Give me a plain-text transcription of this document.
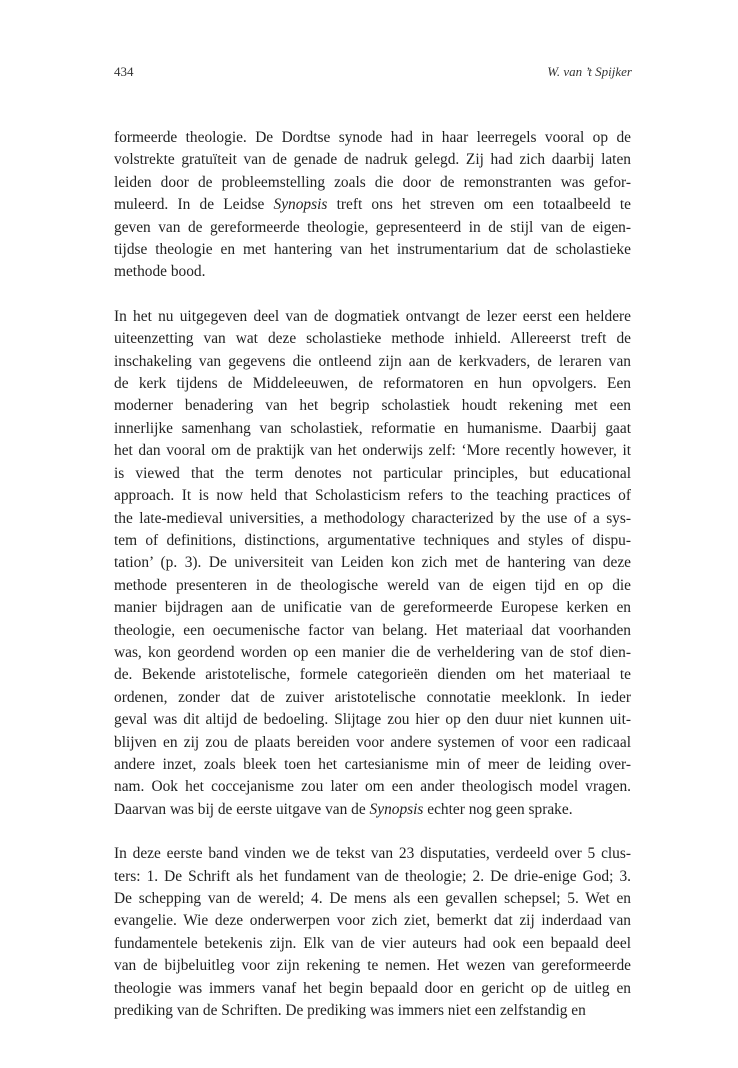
434	W. van ’t Spijker
formeerde theologie. De Dordtse synode had in haar leerregels vooral op de
volstrekte gratuïteit van de genade de nadruk gelegd. Zij had zich daarbij laten
leiden door de probleemstelling zoals die door de remonstranten was gefor-
muleerd. In de Leidse Synopsis treft ons het streven om een totaalbeeld te
geven van de gereformeerde theologie, gepresenteerd in de stijl van de eigen-
tijdse theologie en met hantering van het instrumentarium dat de scholastieke
methode bood.
In het nu uitgegeven deel van de dogmatiek ontvangt de lezer eerst een heldere
uiteenzetting van wat deze scholastieke methode inhield. Allereerst treft de
inschakeling van gegevens die ontleend zijn aan de kerkvaders, de leraren van
de kerk tijdens de Middeleeuwen, de reformatoren en hun opvolgers. Een
moderner benadering van het begrip scholastiek houdt rekening met een
innerlijke samenhang van scholastiek, reformatie en humanisme. Daarbij gaat
het dan vooral om de praktijk van het onderwijs zelf: ‘More recently however, it
is viewed that the term denotes not particular principles, but educational
approach. It is now held that Scholasticism refers to the teaching practices of
the late-medieval universities, a methodology characterized by the use of a sys-
tem of definitions, distinctions, argumentative techniques and styles of dispu-
tation’ (p. 3). De universiteit van Leiden kon zich met de hantering van deze
methode presenteren in de theologische wereld van de eigen tijd en op die
manier bijdragen aan de unificatie van de gereformeerde Europese kerken en
theologie, een oecumenische factor van belang. Het materiaal dat voorhanden
was, kon geordend worden op een manier die de verheldering van de stof dien-
de. Bekende aristotelische, formele categorieën dienden om het materiaal te
ordenen, zonder dat de zuiver aristotelische connotatie meeklonk. In ieder
geval was dit altijd de bedoeling. Slijtage zou hier op den duur niet kunnen uit-
blijven en zij zou de plaats bereiden voor andere systemen of voor een radicaal
andere inzet, zoals bleek toen het cartesianisme min of meer de leiding over-
nam. Ook het coccejanisme zou later om een ander theologisch model vragen.
Daarvan was bij de eerste uitgave van de Synopsis echter nog geen sprake.
In deze eerste band vinden we de tekst van 23 disputaties, verdeeld over 5 clus-
ters: 1. De Schrift als het fundament van de theologie; 2. De drie-enige God; 3.
De schepping van de wereld; 4. De mens als een gevallen schepsel; 5. Wet en
evangelie. Wie deze onderwerpen voor zich ziet, bemerkt dat zij inderdaad van
fundamentele betekenis zijn. Elk van de vier auteurs had ook een bepaald deel
van de bijbeluitleg voor zijn rekening te nemen. Het wezen van gereformeerde
theologie was immers vanaf het begin bepaald door en gericht op de uitleg en
prediking van de Schriften. De prediking was immers niet een zelfstandig en
